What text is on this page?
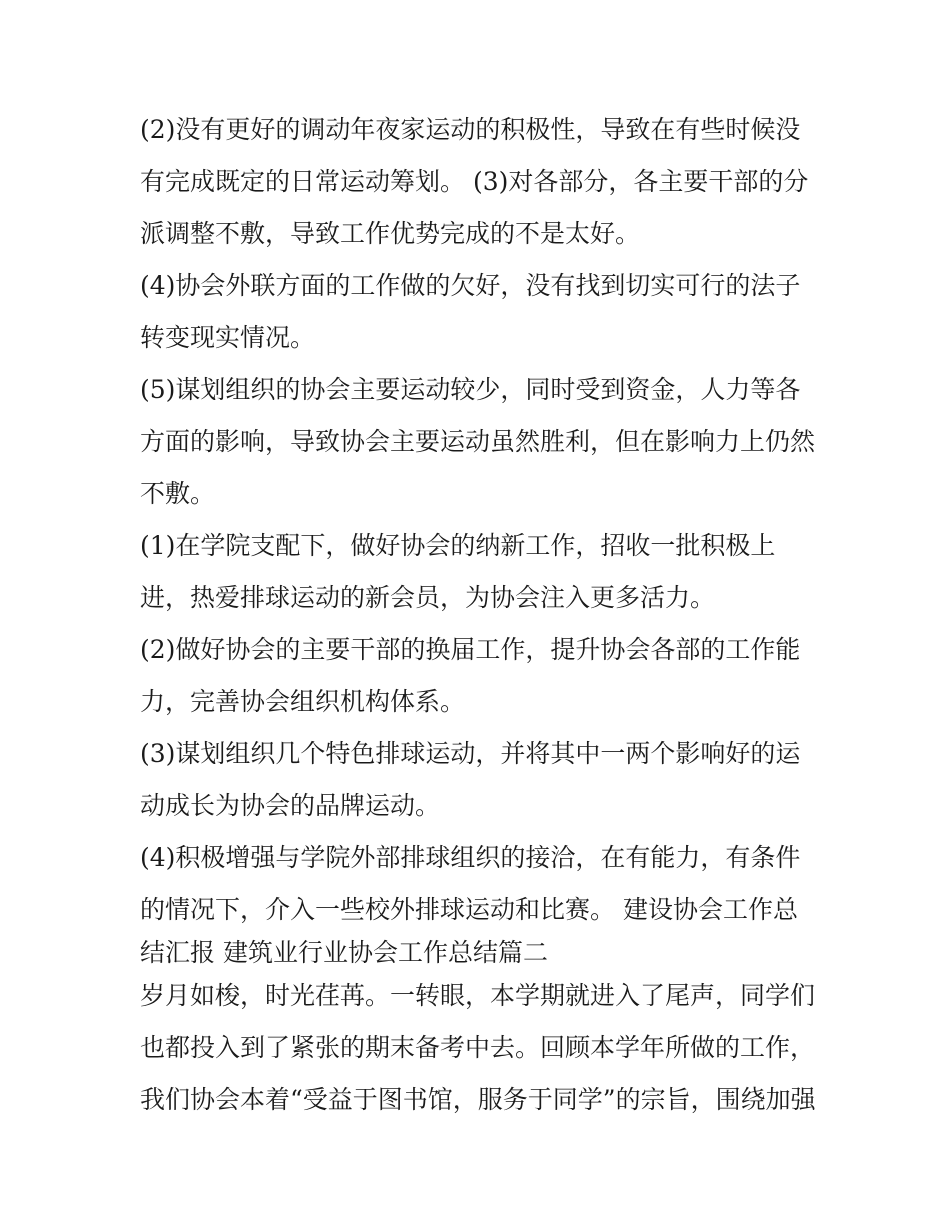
(2)没有更好的调动年夜家运动的积极性，导致在有些时候没
有完成既定的日常运动筹划。 (3)对各部分，各主要干部的分
派调整不敷，导致工作优势完成的不是太好。
(4)协会外联方面的工作做的欠好，没有找到切实可行的法子
转变现实情况。
(5)谋划组织的协会主要运动较少，同时受到资金，人力等各
方面的影响，导致协会主要运动虽然胜利，但在影响力上仍然
不敷。
(1)在学院支配下，做好协会的纳新工作，招收一批积极上
进，热爱排球运动的新会员，为协会注入更多活力。
(2)做好协会的主要干部的换届工作，提升协会各部的工作能
力，完善协会组织机构体系。
(3)谋划组织几个特色排球运动，并将其中一两个影响好的运
动成长为协会的品牌运动。
(4)积极增强与学院外部排球组织的接洽，在有能力，有条件
的情况下，介入一些校外排球运动和比赛。 建设协会工作总
结汇报 建筑业行业协会工作总结篇二
岁月如梭，时光荏苒。一转眼，本学期就进入了尾声，同学们
也都投入到了紧张的期末备考中去。回顾本学年所做的工作，
我们协会本着“受益于图书馆，服务于同学”的宗旨，围绕加强
